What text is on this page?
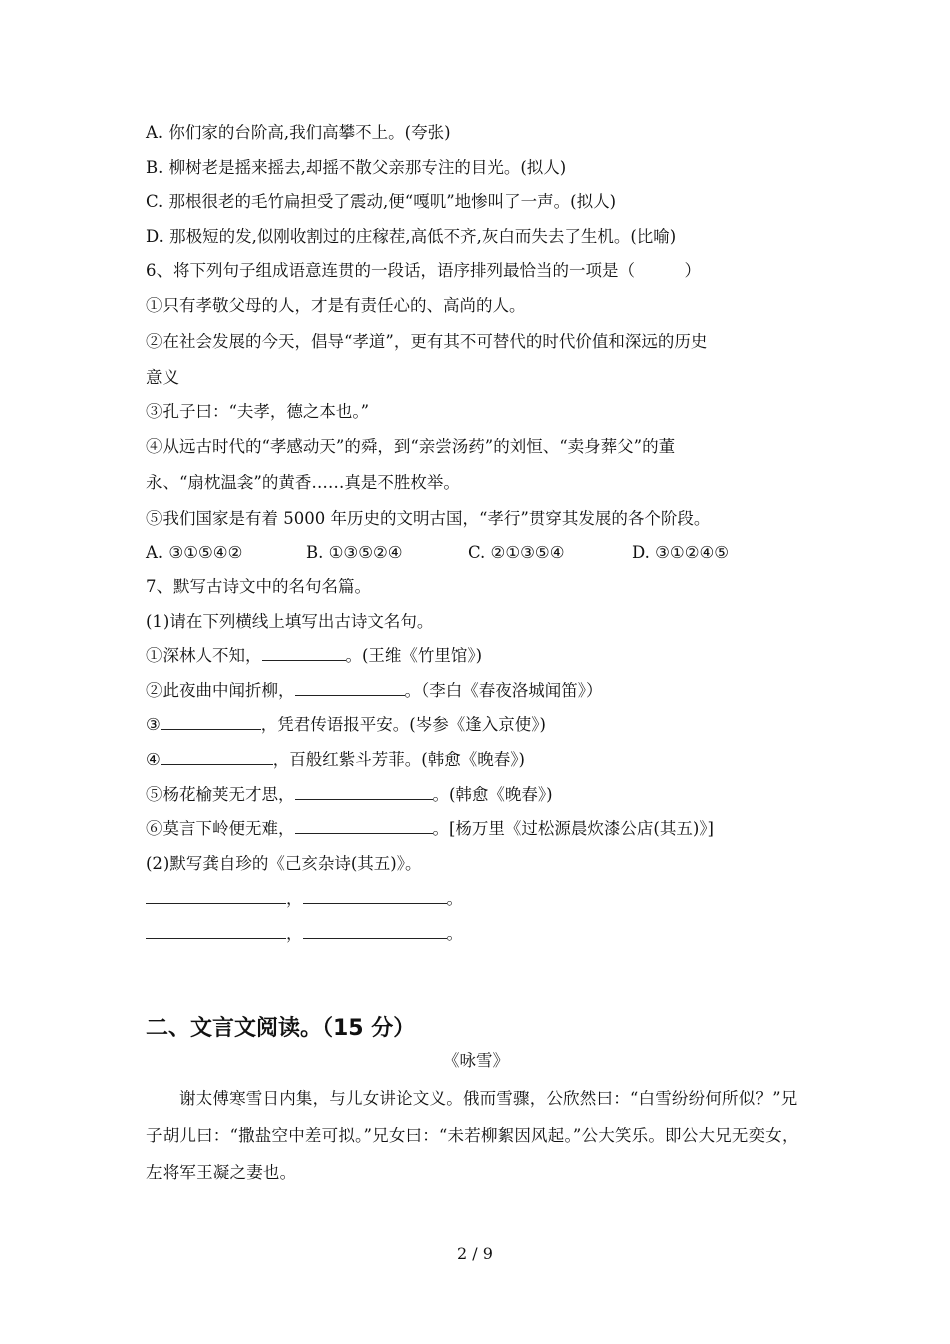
A. 你们家的台阶高,我们高攀不上。(夸张)
B. 柳树老是摇来摇去,却摇不散父亲那专注的目光。(拟人)
C. 那根很老的毛竹扁担受了震动,便“嘎叽”地惨叫了一声。(拟人)
D. 那极短的发,似刚收割过的庄稼茬,高低不齐,灰白而失去了生机。(比喻)
6、将下列句子组成语意连贯的一段话，语序排列最恰当的一项是（　　　）
①只有孝敬父母的人，才是有责任心的、高尚的人。
②在社会发展的今天，倡导“孝道”，更有其不可替代的时代价值和深远的历史
意义
③孔子曰：“夫孝，德之本也。”
④从远古时代的“孝感动天”的舜，到“亲尝汤药”的刘恒、“卖身葬父”的董
永、“扇枕温衾”的黄香……真是不胜枚举。
⑤我们国家是有着 5000 年历史的文明古国，“孝行”贯穿其发展的各个阶段。
A. ③①⑤④②	B. ①③⑤②④	C. ②①③⑤④	D. ③①②④⑤
7、默写古诗文中的名句名篇。
(1)请在下列横线上填写出古诗文名句。
①深林人不知，	。(王维《竹里馆》)
②此夜曲中闻折柳，	。（李白《春夜洛城闻笛》）
③	，凭君传语报平安。(岑参《逢入京使》)
④	，百般红紫斗芳菲。(韩愈《晚春》)
⑤杨花榆荚无才思，	。(韩愈《晚春》)
⑥莫言下岭便无难，	。[杨万里《过松源晨炊漆公店(其五)》]
(2)默写龚自珍的《己亥杂诗(其五)》。
，	。
，	。
二、文言文阅读。（15 分）
《咏雪》
谢太傅寒雪日内集，与儿女讲论文义。俄而雪骤，公欣然曰：“白雪纷纷何所似？”兄子胡儿曰：“撒盐空中差可拟。”兄女曰：“未若柳絮因风起。”公大笑乐。即公大兄无奕女，左将军王凝之妻也。
2 / 9
